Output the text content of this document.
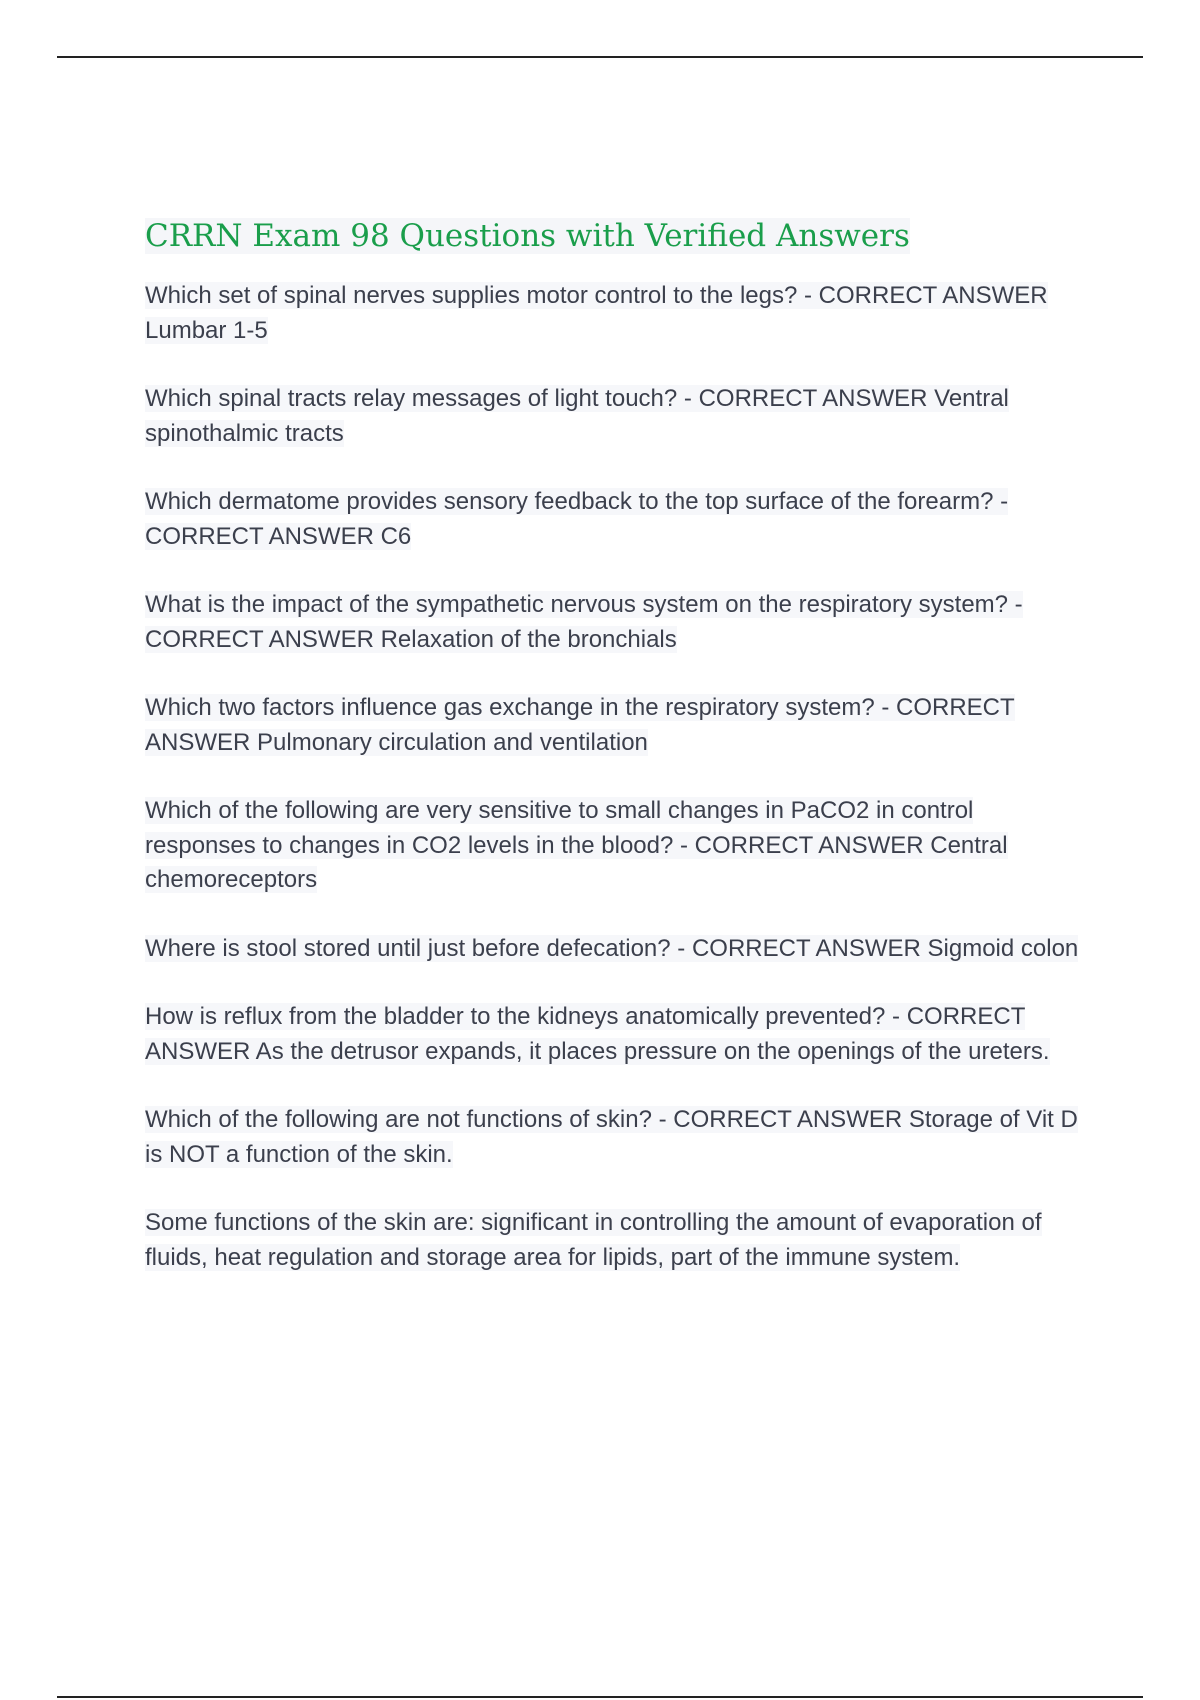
CRRN Exam 98 Questions with Verified Answers

Which set of spinal nerves supplies motor control to the legs? - CORRECT ANSWER Lumbar 1-5

Which spinal tracts relay messages of light touch? - CORRECT ANSWER Ventral spinothalmic tracts

Which dermatome provides sensory feedback to the top surface of the forearm? - CORRECT ANSWER C6

What is the impact of the sympathetic nervous system on the respiratory system? - CORRECT ANSWER Relaxation of the bronchials

Which two factors influence gas exchange in the respiratory system? - CORRECT ANSWER Pulmonary circulation and ventilation

Which of the following are very sensitive to small changes in PaCO2 in control responses to changes in CO2 levels in the blood? - CORRECT ANSWER Central chemoreceptors

Where is stool stored until just before defecation? - CORRECT ANSWER Sigmoid colon

How is reflux from the bladder to the kidneys anatomically prevented? - CORRECT ANSWER As the detrusor expands, it places pressure on the openings of the ureters.

Which of the following are not functions of skin? - CORRECT ANSWER Storage of Vit D is NOT a function of the skin.

Some functions of the skin are: significant in controlling the amount of evaporation of fluids, heat regulation and storage area for lipids, part of the immune system.
